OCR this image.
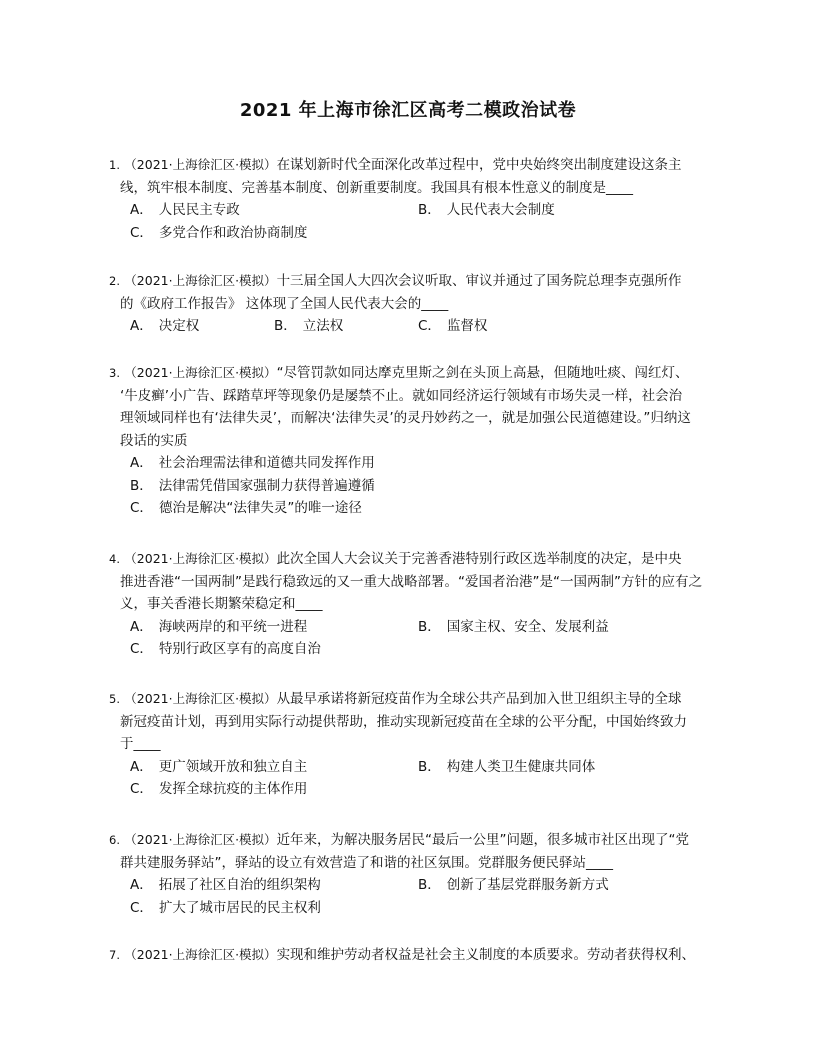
2021 年上海市徐汇区高考二模政治试卷
1. （2021·上海徐汇区·模拟）在谋划新时代全面深化改革过程中，党中央始终突出制度建设这条主
线，筑牢根本制度、完善基本制度、创新重要制度。我国具有根本性意义的制度是____
A． 人民民主专政	B． 人民代表大会制度
C． 多党合作和政治协商制度
2. （2021·上海徐汇区·模拟）十三届全国人大四次会议听取、审议并通过了国务院总理李克强所作
的《政府工作报告》 这体现了全国人民代表大会的____
A． 决定权	B． 立法权	C． 监督权
3. （2021·上海徐汇区·模拟）“尽管罚款如同达摩克里斯之剑在头顶上高悬，但随地吐痰、闯红灯、
‘牛皮癣’小广告、踩踏草坪等现象仍是屡禁不止。就如同经济运行领域有市场失灵一样，社会治
理领域同样也有‘法律失灵’，而解决‘法律失灵’的灵丹妙药之一，就是加强公民道德建设。”归纳这
段话的实质
A． 社会治理需法律和道德共同发挥作用
B． 法律需凭借国家强制力获得普遍遵循
C． 德治是解决“法律失灵”的唯一途径
4. （2021·上海徐汇区·模拟）此次全国人大会议关于完善香港特别行政区选举制度的决定，是中央
推进香港“一国两制”是践行稳致远的又一重大战略部署。“爱国者治港”是“一国两制”方针的应有之
义，事关香港长期繁荣稳定和____
A． 海峡两岸的和平统一进程	B． 国家主权、安全、发展利益
C． 特别行政区享有的高度自治
5. （2021·上海徐汇区·模拟）从最早承诺将新冠疫苗作为全球公共产品到加入世卫组织主导的全球
新冠疫苗计划，再到用实际行动提供帮助，推动实现新冠疫苗在全球的公平分配，中国始终致力
于____
A． 更广领域开放和独立自主	B． 构建人类卫生健康共同体
C． 发挥全球抗疫的主体作用
6. （2021·上海徐汇区·模拟）近年来，为解决服务居民“最后一公里”问题，很多城市社区出现了“党
群共建服务驿站”，驿站的设立有效营造了和谐的社区氛围。党群服务便民驿站____
A． 拓展了社区自治的组织架构	B． 创新了基层党群服务新方式
C． 扩大了城市居民的民主权利
7. （2021·上海徐汇区·模拟）实现和维护劳动者权益是社会主义制度的本质要求。劳动者获得权利、
